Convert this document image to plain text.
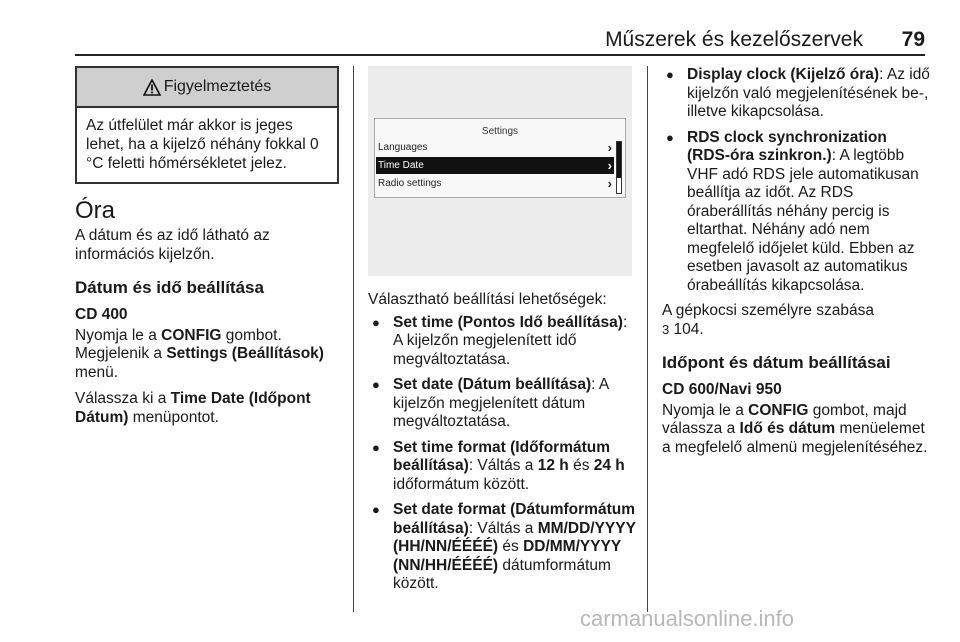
Műszerek és kezelőszervek 79
Figyelmeztetés
Az útfelület már akkor is jeges lehet, ha a kijelző néhány fokkal 0 °C feletti hőmérsékletet jelez.
Óra

A dátum és az idő látható az információs kijelzőn.

Dátum és idő beállítása
CD 400

Nyomja le a CONFIG gombot. Megjelenik a Settings (Beállítások) menü.

Válassza ki a Time Date (Időpont Dátum) menüpontot.

Settings
Languages	›
Time Date	›
Radio settings	›

Választható beállítási lehetőségek:

● Set time (Pontos Idő beállítása): A kijelzőn megjelenített idő megváltoztatása.
● Set date (Dátum beállítása): A kijelzőn megjelenített dátum megváltoztatása.
● Set time format (Időformátum beállítása): Váltás a 12 h és 24 h időformátum között.
● Set date format (Dátumformátum beállítása): Váltás a MM/DD/YYYY (HH/NN/ÉÉÉÉ) és DD/MM/YYYY (NN/HH/ÉÉÉÉ) dátumformátum között.
● Display clock (Kijelző óra): Az idő kijelzőn való megjelenítésének be-, illetve kikapcsolása.
● RDS clock synchronization (RDS-óra szinkron.): A legtöbb VHF adó RDS jele automatikusan beállítja az időt. Az RDS óraberállítás néhány percig is eltarthat. Néhány adó nem megfelelő időjelet küld. Ebben az esetben javasolt az automatikus órabeállítás kikapcsolása.

A gépkocsi személyre szabása
3 104.

Időpont és dátum beállításai
CD 600/Navi 950

Nyomja le a CONFIG gombot, majd válassza a Idő és dátum menüelemet a megfelelő almenü megjelenítéséhez.

carmanualsonline.info
